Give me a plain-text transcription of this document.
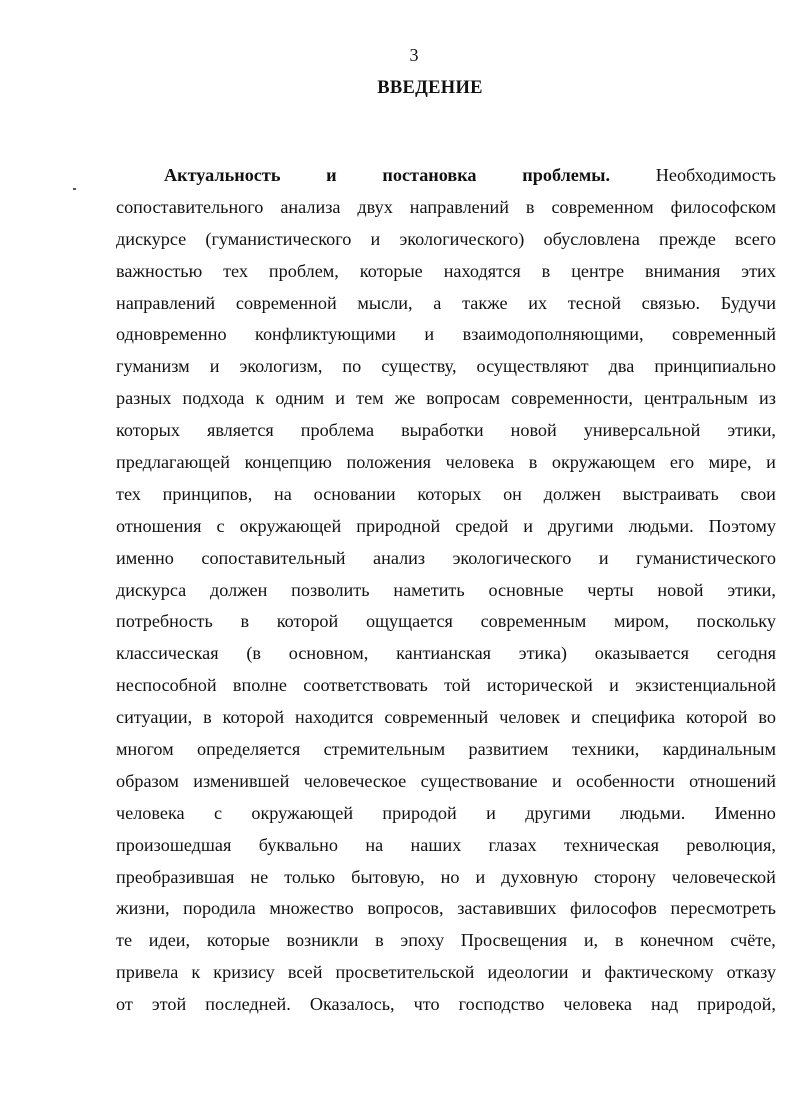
3
ВВЕДЕНИЕ
Актуальность	и	постановка	проблемы.	Необходимость
сопоставительного анализа двух направлений в современном философском
дискурсе (гуманистического и экологического) обусловлена прежде всего
важностью тех проблем, которые находятся в центре внимания этих
направлений современной мысли, а также их тесной связью. Будучи
одновременно конфликтующими и взаимодополняющими, современный
гуманизм и экологизм, по существу, осуществляют два принципиально
разных подхода к одним и тем же вопросам современности, центральным из
которых является проблема выработки новой универсальной этики,
предлагающей концепцию положения человека в окружающем его мире, и
тех принципов, на основании которых он должен выстраивать свои
отношения с окружающей природной средой и другими людьми. Поэтому
именно сопоставительный анализ экологического и гуманистического
дискурса должен позволить наметить основные черты новой этики,
потребность в которой ощущается современным миром, поскольку
классическая (в основном, кантианская этика) оказывается сегодня
неспособной вполне соответствовать той исторической и экзистенциальной
ситуации, в которой находится современный человек и специфика которой во
многом определяется стремительным развитием техники, кардинальным
образом изменившей человеческое существование и особенности отношений
человека с окружающей природой и другими людьми. Именно
произошедшая буквально на наших глазах техническая революция,
преобразившая не только бытовую, но и духовную сторону человеческой
жизни, породила множество вопросов, заставивших философов пересмотреть
те идеи, которые возникли в эпоху Просвещения и, в конечном счёте,
привела к кризису всей просветительской идеологии и фактическому отказу
от этой последней. Оказалось, что господство человека над природой,
